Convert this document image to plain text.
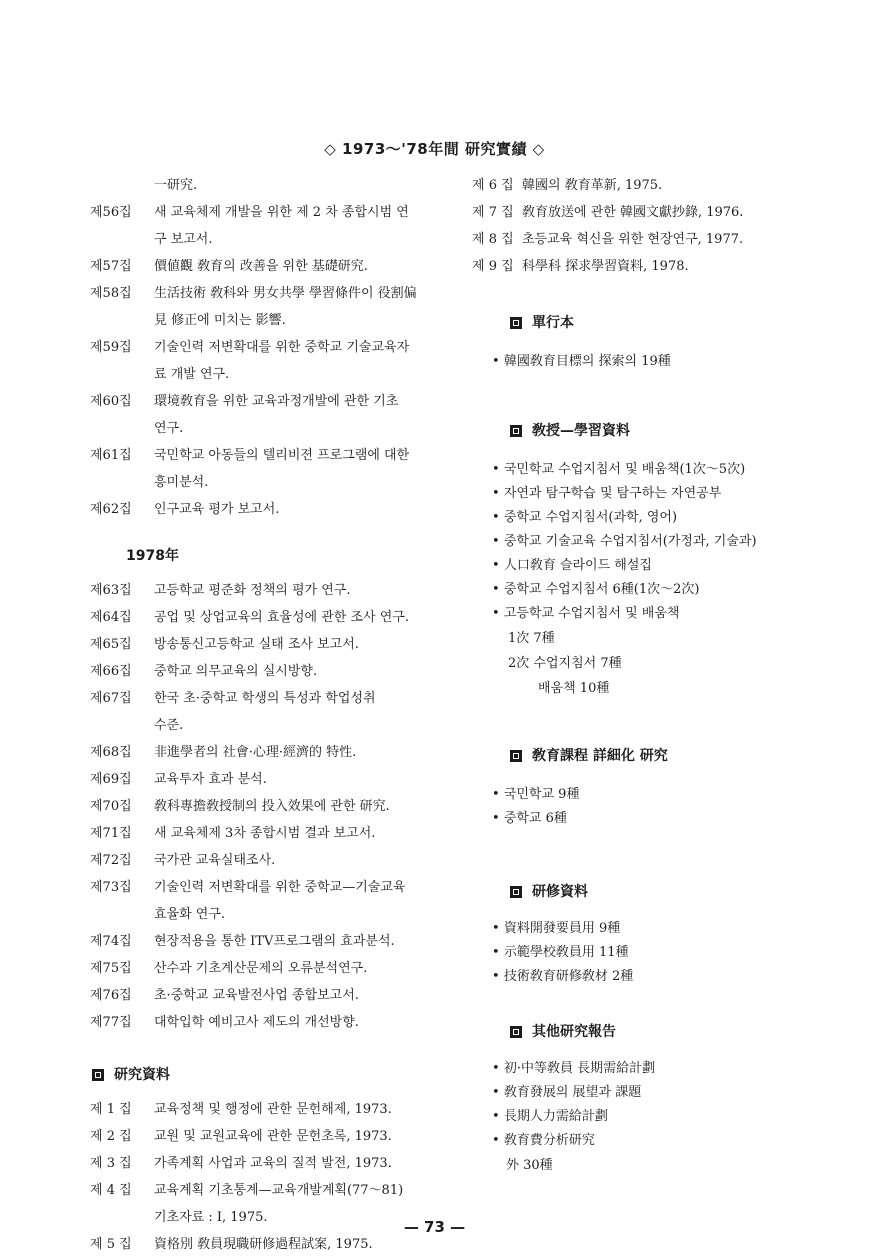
◇ 1973～'78年間 研究實績 ◇
一研究.
제56집	새 교육체제 개발을 위한 제 2 차 종합시범 연
구 보고서.
제57집	價値觀 敎育의 改善을 위한 基礎研究.
제58집	生活技術 敎科와 男女共學 學習條件이 役割偏
見 修正에 미치는 影響.
제59집	기술인력 저변확대를 위한 중학교 기술교육자
료 개발 연구.
제60집	環境敎育을 위한 교육과정개발에 관한 기초
연구.
제61집	국민학교 아동들의 텔리비젼 프로그램에 대한
흥미분석.
제62집	인구교육 평가 보고서.
1978年
제63집	고등학교 평준화 정책의 평가 연구.
제64집	공업 및 상업교육의 효율성에 관한 조사 연구.
제65집	방송통신고등학교 실태 조사 보고서.
제66집	중학교 의무교육의 실시방향.
제67집	한국 초·중학교 학생의 특성과 학업성취
수준.
제68집	非進學者의 社會·心理·經濟的 特性.
제69집	교육투자 효과 분석.
제70집	敎科專擔敎授制의 投入效果에 관한 研究.
제71집	새 교육체제 3차 종합시범 결과 보고서.
제72집	국가관 교육실태조사.
제73집	기술인력 저변확대를 위한 중학교—기술교육
효율화 연구.
제74집	현장적용을 통한 ITV프로그램의 효과분석.
제75집	산수과 기초계산문제의 오류분석연구.
제76집	초·중학교 교육발전사업 종합보고서.
제77집	대학입학 예비고사 제도의 개선방향.
研究資料
제 1 집	교육정책 및 행정에 관한 문헌해제, 1973.
제 2 집	교원 및 교원교육에 관한 문헌초록, 1973.
제 3 집	가족계획 사업과 교육의 질적 발전, 1973.
제 4 집	교육계획 기초통계—교육개발계획(77～81)
기초자료 : Ⅰ, 1975.
제 5 집	資格別 敎員現職研修過程試案, 1975.
제 6 집 韓國의 敎育革新, 1975.
제 7 집 敎育放送에 관한 韓國文獻抄錄, 1976.
제 8 집 초등교육 혁신을 위한 현장연구, 1977.
제 9 집 科學科 探求學習資料, 1978.
單行本
• 韓國敎育目標의 探索의 19種
敎授—學習資料
• 국민학교 수업지침서 및 배움책(1次～5次)
• 자연과 탐구학습 및 탐구하는 자연공부
• 중학교 수업지침서(과학, 영어)
• 중학교 기술교육 수업지침서(가정과, 기술과)
• 人口敎育 슬라이드 해설집
• 중학교 수업지침서 6種(1次～2次)
• 고등학교 수업지침서 및 배움책
1次 7種
2次 수업지침서 7種
배움책 10種
敎育課程 詳細化 研究
• 국민학교 9種
• 중학교 6種
研修資料
• 資料開發要員用 9種
• 示範學校敎員用 11種
• 技術敎育研修敎材 2種
其他研究報告
• 初·中等敎員 長期需給計劃
• 敎育發展의 展望과 課題
• 長期人力需給計劃
• 敎育費分析研究
外 30種
— 73 —
